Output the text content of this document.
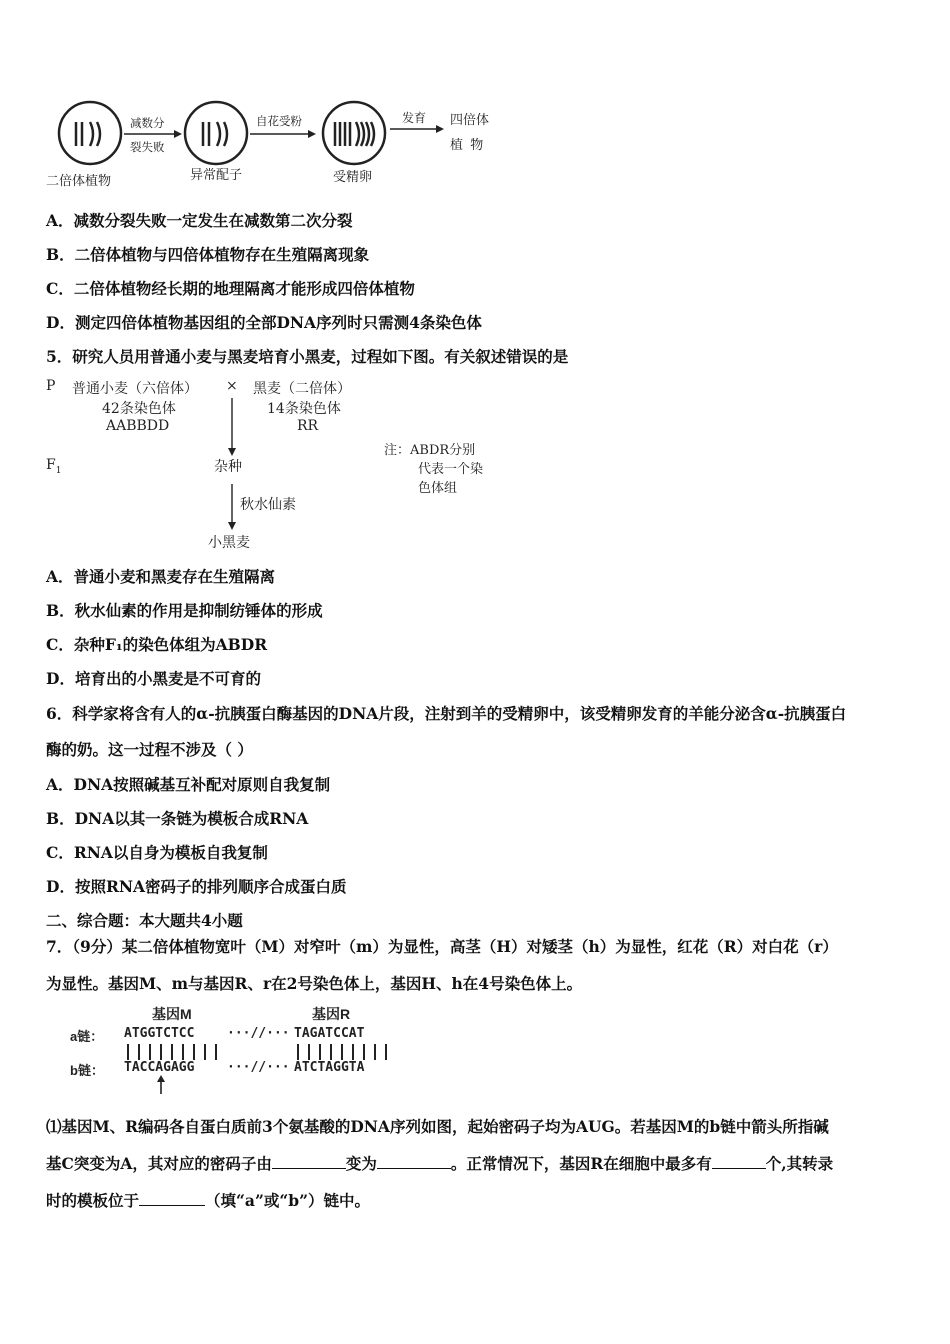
二倍体植物
减数分
裂失败
异常配子
自花受粉
受精卵
发育 四倍体
植  物
A．减数分裂失败一定发生在减数第二次分裂
B．二倍体植物与四倍体植物存在生殖隔离现象
C．二倍体植物经长期的地理隔离才能形成四倍体植物
D．测定四倍体植物基因组的全部DNA序列时只需测4条染色体
5．研究人员用普通小麦与黑麦培育小黑麦，过程如下图。有关叙述错误的是
P 普通小麦（六倍体） × 黑麦（二倍体）
42条染色体
AABBDD
14条染色体
RR
$F_1$	杂种
秋水仙素
小黑麦
注：ABDR分别
代表一个染
色体组
A．普通小麦和黑麦存在生殖隔离
B．秋水仙素的作用是抑制纺锤体的形成
C．杂种F₁的染色体组为ABDR
D．培育出的小黑麦是不可育的
6．科学家将含有人的α-抗胰蛋白酶基因的DNA片段，注射到羊的受精卵中，该受精卵发育的羊能分泌含α-抗胰蛋白
酶的奶。这一过程不涉及（ ）
A．DNA按照碱基互补配对原则自我复制
B．DNA以其一条链为模板合成RNA
C．RNA以自身为模板自我复制
D．按照RNA密码子的排列顺序合成蛋白质
二、综合题：本大题共4小题
7．（9分）某二倍体植物宽叶（M）对窄叶（m）为显性，高茎（H）对矮茎（h）为显性，红花（R）对白花（r）
为显性。基因M、m与基因R、r在2号染色体上，基因H、h在4号染色体上。
基因M	基因R
a链：
b链：
ATGGTCTCC	···//··· TAGATCCAT
TACCAGAGG	···//··· ATCTAGGTA
⑴基因M、R编码各自蛋白质前3个氨基酸的DNA序列如图，起始密码子均为AUG。若基因M的b链中箭头所指碱
基C突变为A，其对应的密码子由	变为	。正常情况下，基因R在细胞中最多有	个,其转录
时的模板位于	（填“a”或“b”）链中。
